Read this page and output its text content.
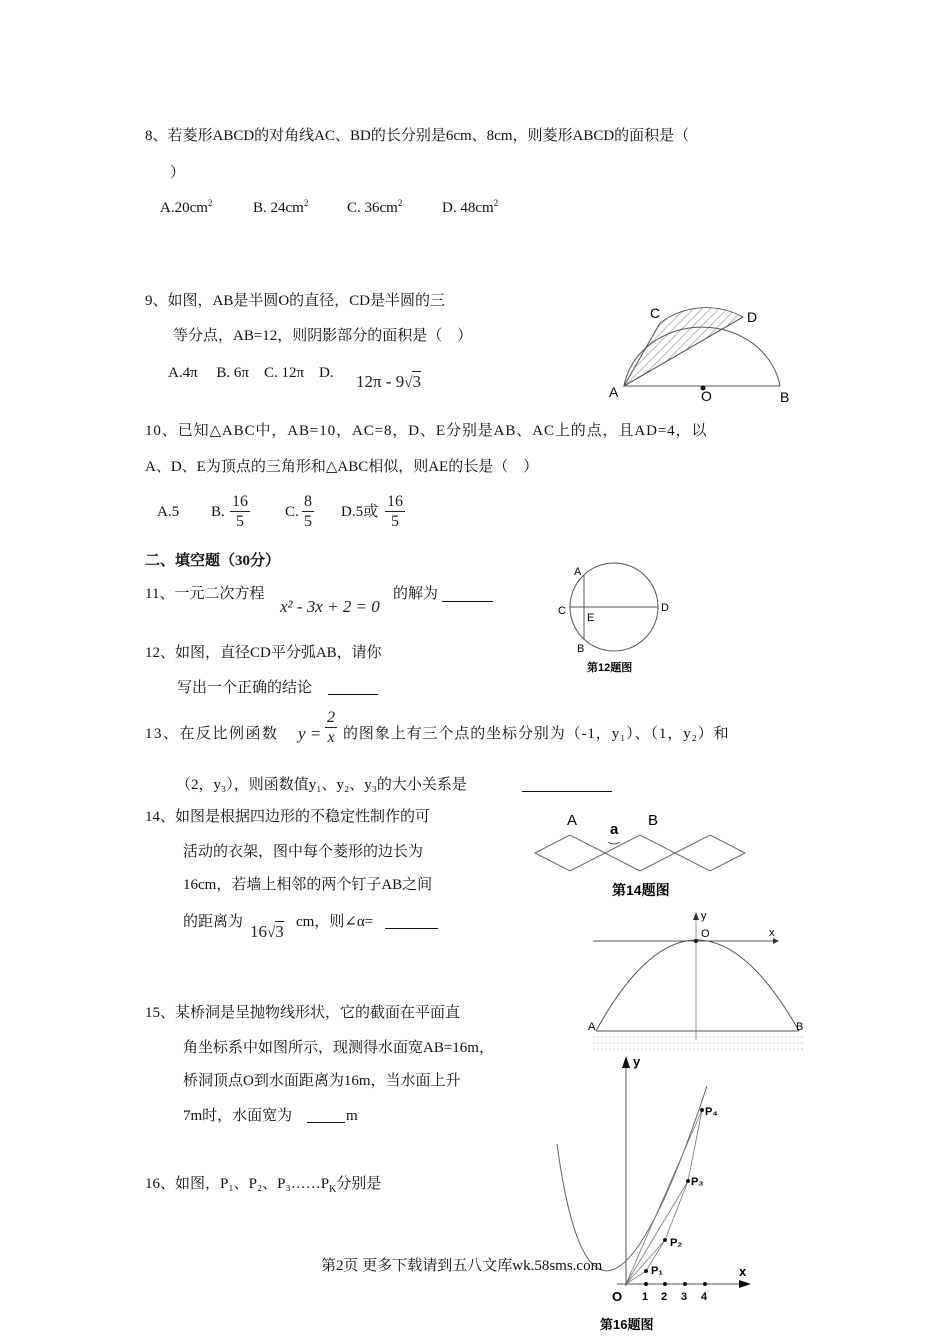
8、若菱形ABCD的对角线AC、BD的长分别是6cm、8cm，则菱形ABCD的面积是（
）
$A.20cm^2$	B. $24cm^2$	C. $36cm^2$	D. $48cm^2$
9、如图，AB是半圆O的直径，CD是半圆的三
等分点，AB=12，则阴影部分的面积是（　）
A.4π　 B. 6π　C. 12π　D. 12π - 9√3
C	D
A	O	B
10、已知△ABC中，AB=10，AC=8，D、E分别是AB、AC上的点，且AD=4，以
A、D、E为顶点的三角形和△ABC相似，则AE的长是（　）
A.5 B.
16
5
C.
8
5
D.5或
16
5
二、填空题（30分）
11、一元二次方程
x² - 3x + 2 = 0
的解为
A
C
E
D
B
第12题图
12、如图，直径CD平分弧AB，请你
写出一个正确的结论
13、在反比例函数 y =
2
x 的图象上有三个点的坐标分别为（-1，y₁）、（1，y₂）和
（2，y₃），则函数值y₁、y₂、y₃的大小关系是
14、如图是根据四边形的不稳定性制作的可
活动的衣架，图中每个菱形的边长为
16cm，若墙上相邻的两个钉子AB之间
的距离为 16√3 cm，则∠α=
A
a
B
第14题图
y
O	x
A	B
15、某桥洞是呈抛物线形状，它的截面在平面直
角坐标系中如图所示，现测得水面宽AB=16m，
桥洞顶点O到水面距离为16m，当水面上升
7m时，水面宽为	m
16、如图，P₁、P₂、$P_3\dots\dots P_K$分别是
y
x
O 1 2 3 4
P₁
P₂
P₃
P₄
第16题图
第2页 更多下载请到五八文库wk.58sms.com
